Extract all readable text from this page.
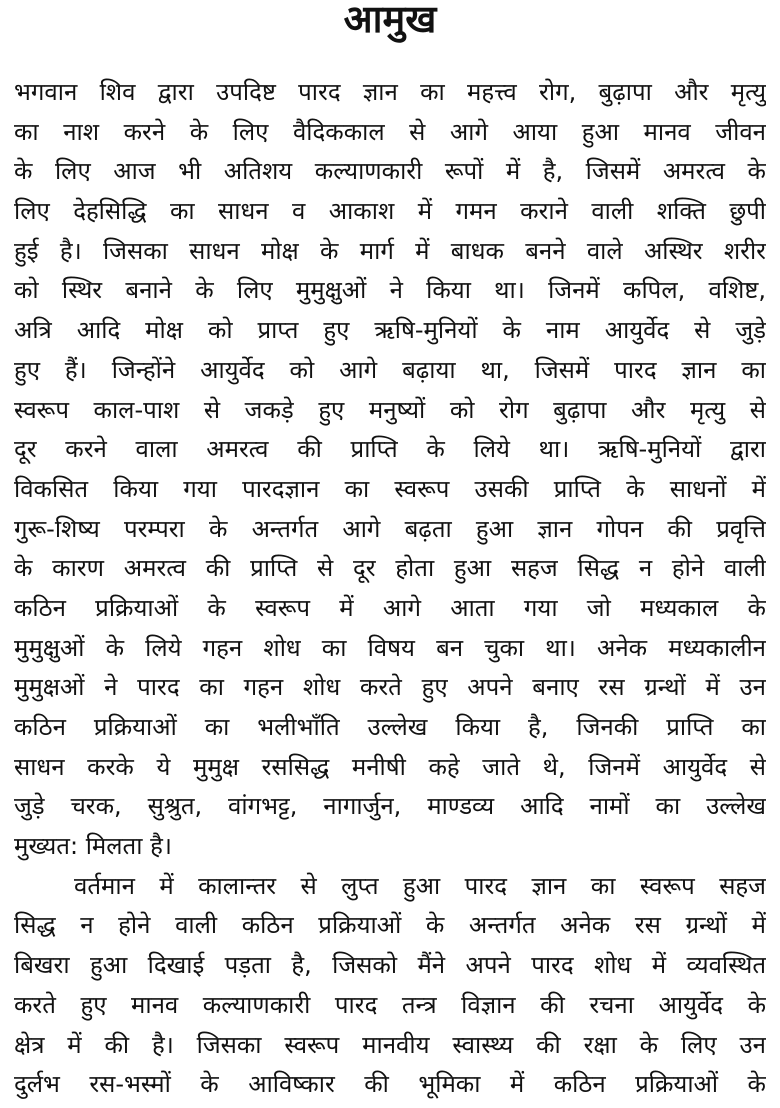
आमुख
भगवान शिव द्वारा उपदिष्ट पारद ज्ञान का महत्त्व रोग, बुढ़ापा और मृत्यु
का नाश करने के लिए वैदिककाल से आगे आया हुआ मानव जीवन
के लिए आज भी अतिशय कल्याणकारी रूपों में है, जिसमें अमरत्व के
लिए देहसिद्धि का साधन व आकाश में गमन कराने वाली शक्ति छुपी
हुई है। जिसका साधन मोक्ष के मार्ग में बाधक बनने वाले अस्थिर शरीर
को स्थिर बनाने के लिए मुमुक्षुओं ने किया था। जिनमें कपिल, वशिष्ट,
अत्रि आदि मोक्ष को प्राप्त हुए ऋषि-मुनियों के नाम आयुर्वेद से जुड़े
हुए हैं। जिन्होंने आयुर्वेद को आगे बढ़ाया था, जिसमें पारद ज्ञान का
स्वरूप काल-पाश से जकड़े हुए मनुष्यों को रोग बुढ़ापा और मृत्यु से
दूर करने वाला अमरत्व की प्राप्ति के लिये था। ऋषि-मुनियों द्वारा
विकसित किया गया पारदज्ञान का स्वरूप उसकी प्राप्ति के साधनों में
गुरू-शिष्य परम्परा के अन्तर्गत आगे बढ़ता हुआ ज्ञान गोपन की प्रवृत्ति
के कारण अमरत्व की प्राप्ति से दूर होता हुआ सहज सिद्ध न होने वाली
कठिन प्रक्रियाओं के स्वरूप में आगे आता गया जो मध्यकाल के
मुमुक्षुओं के लिये गहन शोध का विषय बन चुका था। अनेक मध्यकालीन
मुमुक्षओं ने पारद का गहन शोध करते हुए अपने बनाए रस ग्रन्थों में उन
कठिन प्रक्रियाओं का भलीभाँति उल्लेख किया है, जिनकी प्राप्ति का
साधन करके ये मुमुक्ष रससिद्ध मनीषी कहे जाते थे, जिनमें आयुर्वेद से
जुड़े चरक, सुश्रुत, वांगभट्ट, नागार्जुन, माण्डव्य आदि नामों का उल्लेख
मुख्यत: मिलता है।
वर्तमान में कालान्तर से लुप्त हुआ पारद ज्ञान का स्वरूप सहज
सिद्ध न होने वाली कठिन प्रक्रियाओं के अन्तर्गत अनेक रस ग्रन्थों में
बिखरा हुआ दिखाई पड़ता है, जिसको मैंने अपने पारद शोध में व्यवस्थित
करते हुए मानव कल्याणकारी पारद तन्त्र विज्ञान की रचना आयुर्वेद के
क्षेत्र में की है। जिसका स्वरूप मानवीय स्वास्थ्य की रक्षा के लिए उन
दुर्लभ रस-भस्मों के आविष्कार की भूमिका में कठिन प्रक्रियाओं के
